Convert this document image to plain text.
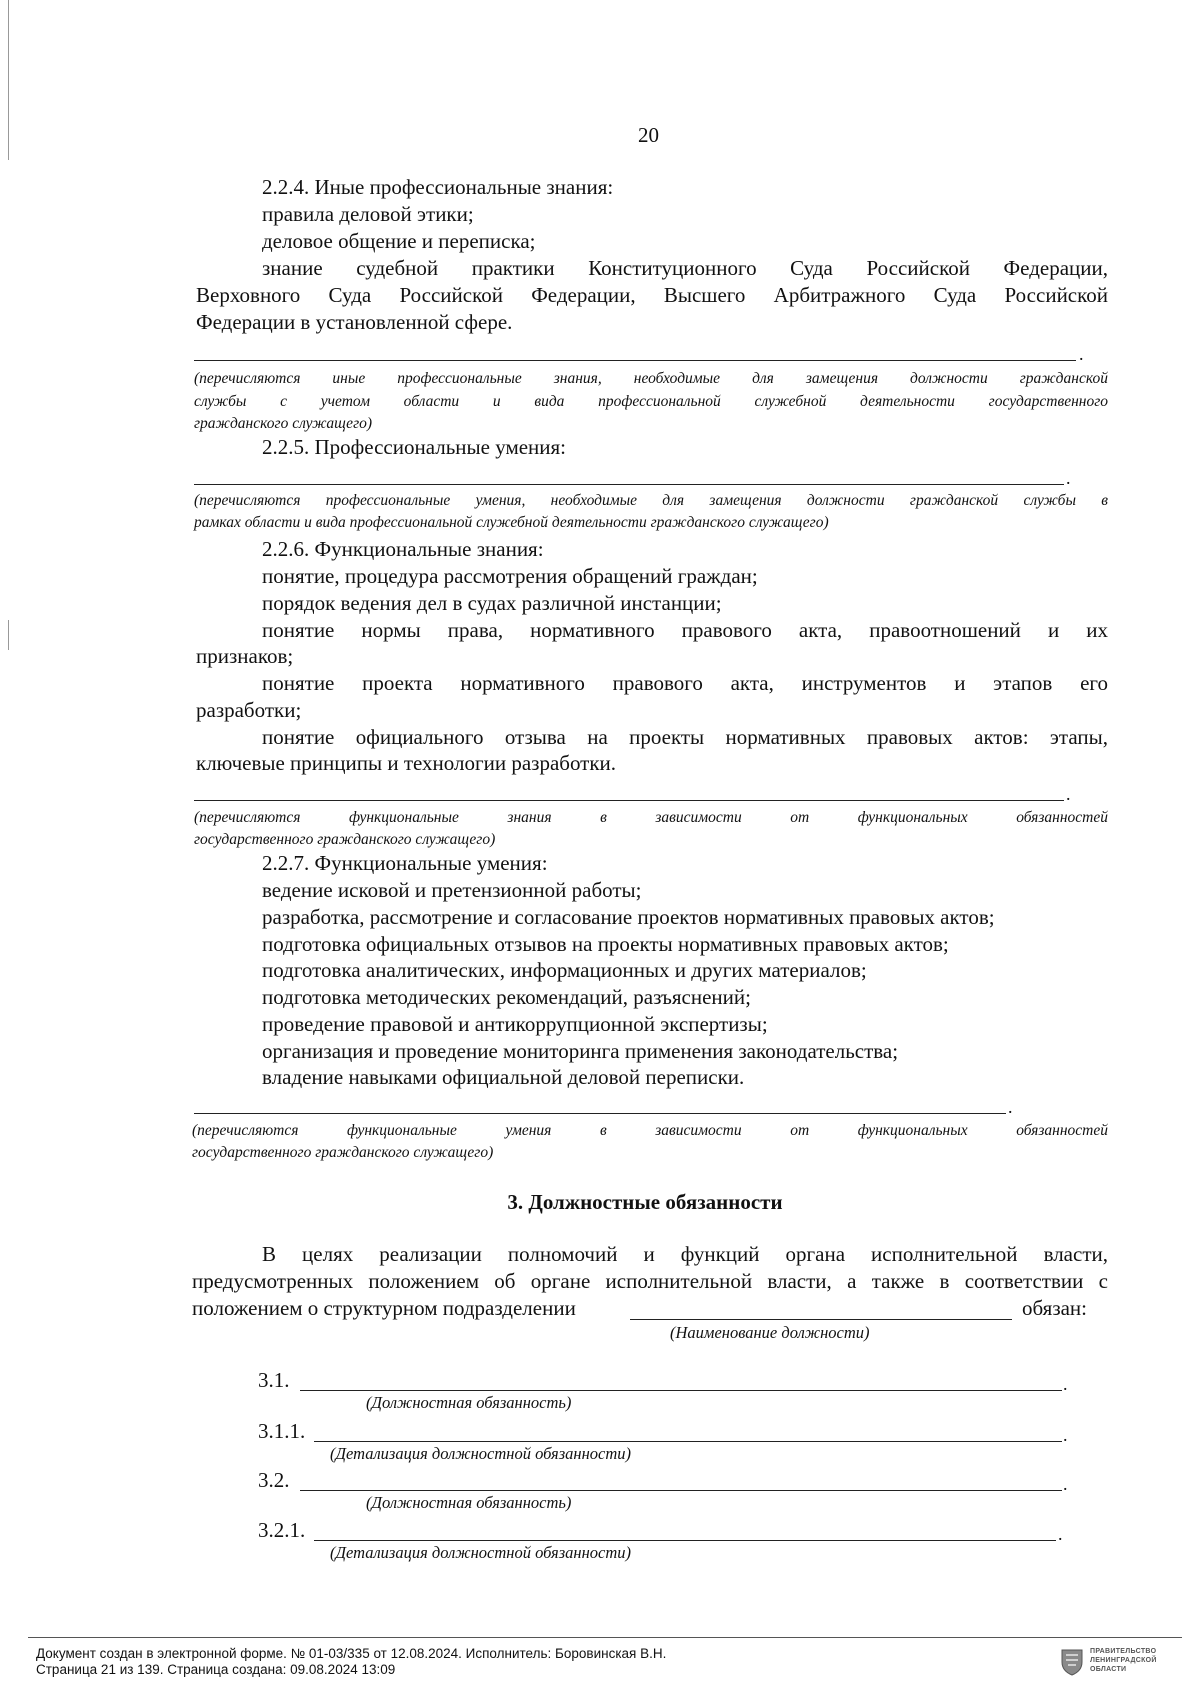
20
2.2.4. Иные профессиональные знания:
правила деловой этики;
деловое общение и переписка;
знание судебной практики Конституционного Суда Российской Федерации,
Верховного Суда Российской Федерации, Высшего Арбитражного Суда Российской
Федерации в установленной сфере.
.
(перечисляются иные профессиональные знания, необходимые для замещения должности гражданской
службы с учетом области и вида профессиональной служебной деятельности государственного
гражданского служащего)
2.2.5. Профессиональные умения:
.
(перечисляются профессиональные умения, необходимые для замещения должности гражданской службы в
рамках области и вида профессиональной служебной деятельности гражданского служащего)
2.2.6. Функциональные знания:
понятие, процедура рассмотрения обращений граждан;
порядок ведения дел в судах различной инстанции;
понятие нормы права, нормативного правового акта, правоотношений и их
признаков;
понятие проекта нормативного правового акта, инструментов и этапов его
разработки;
понятие официального отзыва на проекты нормативных правовых актов: этапы,
ключевые принципы и технологии разработки.
.
(перечисляются функциональные знания в зависимости от функциональных обязанностей
государственного гражданского служащего)
2.2.7. Функциональные умения:
ведение исковой и претензионной работы;
разработка, рассмотрение и согласование проектов нормативных правовых актов;
подготовка официальных отзывов на проекты нормативных правовых актов;
подготовка аналитических, информационных и других материалов;
подготовка методических рекомендаций, разъяснений;
проведение правовой и антикоррупционной экспертизы;
организация и проведение мониторинга применения законодательства;
владение навыками официальной деловой переписки.
.
(перечисляются функциональные умения в зависимости от функциональных обязанностей
государственного гражданского служащего)
3. Должностные обязанности
В целях реализации полномочий и функций органа исполнительной власти,
предусмотренных положением об органе исполнительной власти, а также в соответствии с
положением о структурном подразделении	обязан:
(Наименование должности)
3.1.	.
(Должностная обязанность)
3.1.1.	.
(Детализация должностной обязанности)
3.2.	.
(Должностная обязанность)
3.2.1.	.
(Детализация должностной обязанности)
Документ создан в электронной форме. № 01-03/335 от 12.08.2024. Исполнитель: Боровинская В.Н.
Страница 21 из 139. Страница создана: 09.08.2024 13:09
ПРАВИТЕЛЬСТВО
ЛЕНИНГРАДСКОЙ
ОБЛАСТИ
